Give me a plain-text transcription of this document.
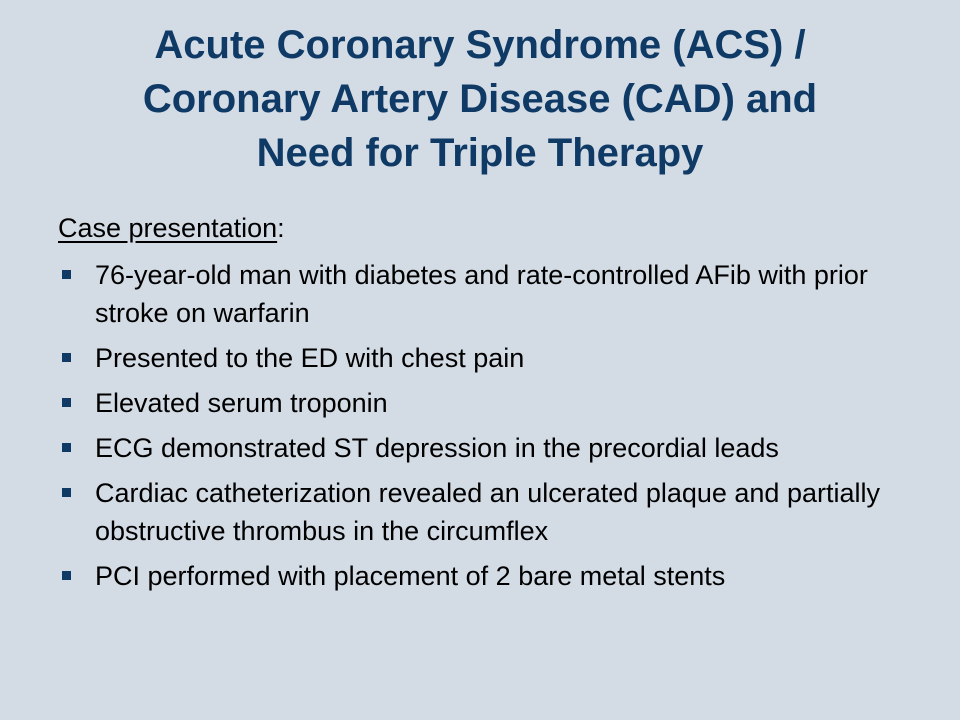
Acute Coronary Syndrome (ACS) /
Coronary Artery Disease (CAD) and
Need for Triple Therapy
Case presentation:
76-year-old man with diabetes and rate-controlled AFib with prior stroke on warfarin
Presented to the ED with chest pain
Elevated serum troponin
ECG demonstrated ST depression in the precordial leads
Cardiac catheterization revealed an ulcerated plaque and partially obstructive thrombus in the circumflex
PCI performed with placement of 2 bare metal stents
